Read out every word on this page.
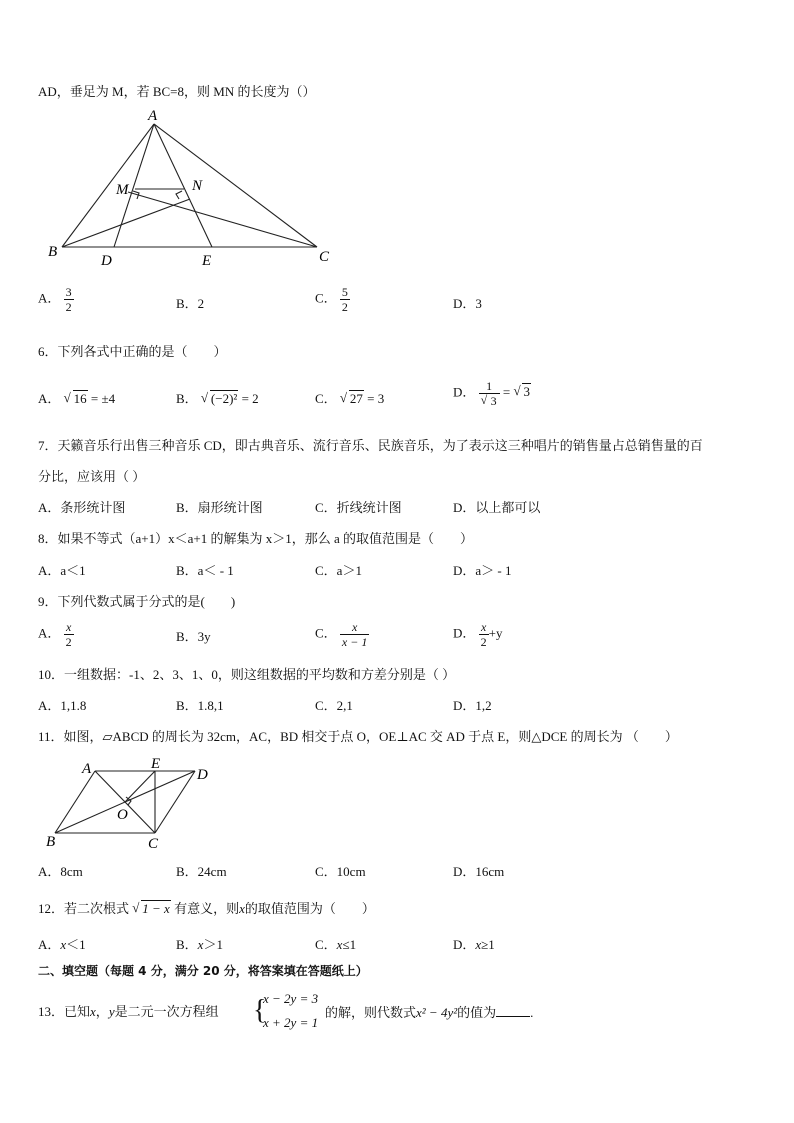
AD，垂足为 M，若 BC=8，则 MN 的长度为（）
A
B	C
D	E
M	N
A． $\frac{3}{2}$	B．2	C． $\frac{5}{2}$	D．3
6．下列各式中正确的是（　　）
A． √ 16 = ±4	B． √ (−2)² = 2	C． √ 27 = 3	D． 1
√ 3 = √ 3
7．天籁音乐行出售三种音乐 CD，即古典音乐、流行音乐、民族音乐，为了表示这三种唱片的销售量占总销售量的百
分比，应该用（ ）
A．条形统计图	B．扇形统计图	C．折线统计图	D．以上都可以
8．如果不等式（a+1）x＜a+1 的解集为 x＞1，那么 a 的取值范围是（　　）
A．a＜1	B．a＜ - 1	C．a＞1	D．a＞ - 1
9．下列代数式属于分式的是(　　)
A． $\frac{x}{2}$	B．3y	C． $\frac{x}{x - 1}$	D． $\frac{x}{2} +y$
10．一组数据：-1、2、3、1、0，则这组数据的平均数和方差分别是（ ）
A．1,1.8	B．1.8,1	C．2,1	D．1,2
11．如图，▱ABCD 的周长为 32cm，AC，BD 相交于点 O，OE⊥AC 交 AD 于点 E，则△DCE 的周长为 （　　）
A
B	C
D
E
O
A．8cm	B．24cm	C．10cm	D．16cm
12．若二次根式 √ 1 − x 有意义，则x的取值范围为（　　）
A．x＜1	B．x＞1	C．x≤1	D．x≥1
二、填空题（每题 4 分，满分 20 分，将答案填在答题纸上）
13．已知x，y是二元一次方程组 {
x − 2y = 3
x + 2y = 1
的解，则代数式x² − 4y²的值为	.
